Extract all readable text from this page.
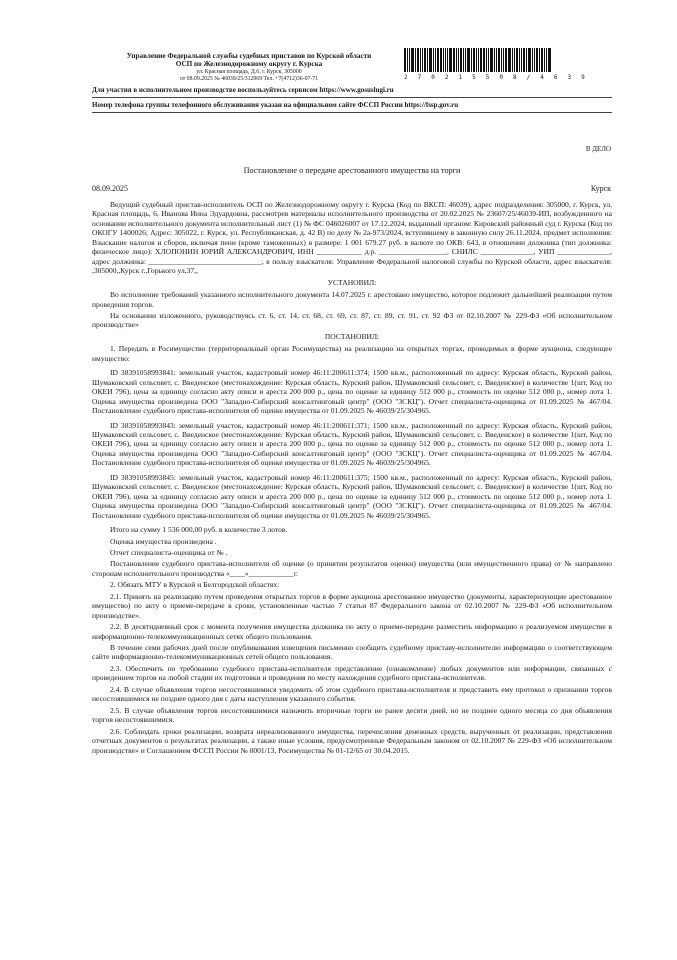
Управление Федеральной службы судебных приставов по Курской области
ОСП по Железнодорожному округу г. Курска
ул. Красная площадь, Д.6, г. Курск, 305000
от 08.09.2025 № 46039/25/312969 Тел. +7(4712)36-07-71	2 7 0 2 1 5 5 0 8 / 4 6 3 9
Для участия в исполнительном производстве воспользуйтесь сервисом https://www.gosuslugi.ru
Номер телефона группы телефонного обслуживания указан на официальном сайте ФССП России https://fssp.gov.ru
В ДЕЛО
Постановление о передаче арестованного имущества на торги
08.09.2025	Курск

Ведущий судебный пристав-исполнитель ОСП по Железнодорожному округу г. Курска (Код по ВКСП: 46039), адрес подразделения: 305000, г. Курск, ул. Красная площадь, 6, Иванова Инна Эдуардовна, рассмотрев материалы исполнительного производства от 20.02.2025 № 23607/25/46039-ИП, возбужденного на основании исполнительного документа исполнительный лист (1) № ФС 046026007 от 17.12.2024, выданный органом: Кировский районный суд г. Курска (Код по ОКОГУ 1400026; Адрес: 305022, г. Курск, ул. Республиканская, д. 42 В) по делу № 2а-973/2024, вступившему в законную силу 26.11.2024, предмет исполнения: Взыскание налогов и сборов, включая пени (кроме таможенных) в размере: 1 001 679.27 руб. в валюте по ОКВ: 643, в отношении должника (тип должника: физическое лицо): ХЛОПОНИН ЮРИЙ АЛЕКСАНДРОВИЧ, ИНН ____________ д.р. __________________, СНИЛС ______________, УИП ______________, адрес должника: ______________________________, в пользу взыскателя: Управление Федеральной налоговой службы по Курской области, адрес взыскателя: ,305000,,Курск г.,Горького ул,37,,

УСТАНОВИЛ:

Во исполнение требований указанного исполнительного документа 14.07.2025 г. арестовано имущество, которое подлежит дальнейшей реализации путем проведения торгов.

На основании изложенного, руководствуясь ст. 6, ст. 14, ст. 68, ст. 69, ст. 87, ст. 89, ст. 91, ст. 92 ФЗ от 02.10.2007 № 229-ФЗ «Об исполнительном производстве»

ПОСТАНОВИЛ:

1. Передать в Росимущество (территориальный орган Росимущества) на реализацию на открытых торгах, проводимых в форме аукциона, следующее имущество:

ID 38391058993841: земельный участок, кадастровый номер 46:11:200611:374; 1500 кв.м., расположенный по адресу: Курская область, Курский район, Шумаковский сельсовет, с. Введенское (местонахождение: Курская область, Курский район, Шумаковский сельсовет, с. Введенское) в количестве 1(шт, Код по ОКЕИ 796), цена за единицу согласно акту описи и ареста 200 000 р., цена по оценке за единицу 512 000 р., стоимость по оценке 512 000 р., номер лота 1. Оценка имущества произведена ООО "Западно-Сибирский консалтинговый центр" (ООО "ЗСКЦ"). Отчет специалиста-оценщика от 01.09.2025 № 467/04. Постановление судебного пристава-исполнителя об оценке имущества от 01.09.2025 № 46039/25/304965.

ID 38391058993843: земельный участок, кадастровый номер 46:11:200611:371; 1500 кв.м., расположенный по адресу: Курская область, Курский район, Шумаковский сельсовет, с. Введенское (местонахождение: Курская область, Курский район, Шумаковский сельсовет, с. Введенское) в количестве 1(шт, Код по ОКЕИ 796), цена за единицу согласно акту описи и ареста 200 000 р., цена по оценке за единицу 512 000 р., стоимость по оценке 512 000 р., номер лота 1. Оценка имущества произведена ООО "Западно-Сибирский консалтинговый центр" (ООО "ЗСКЦ"). Отчет специалиста-оценщика от 01.09.2025 № 467/04. Постановление судебного пристава-исполнителя об оценке имущества от 01.09.2025 № 46039/25/304965.

ID 38391058993845: земельный участок, кадастровый номер 46:11:200611:375; 1500 кв.м., расположенный по адресу: Курская область, Курский район, Шумаковский сельсовет, с. Введенское (местонахождение: Курская область, Курский район, Шумаковский сельсовет, с. Введенское) в количестве 1(шт, Код по ОКЕИ 796), цена за единицу согласно акту описи и ареста 200 000 р., цена по оценке за единицу 512 000 р., стоимость по оценке 512 000 р., номер лота 1. Оценка имущества произведена ООО "Западно-Сибирский консалтинговый центр" (ООО "ЗСКЦ"). Отчет специалиста-оценщика от 01.09.2025 № 467/04. Постановление судебного пристава-исполнителя об оценке имущества от 01.09.2025 № 46039/25/304965.

Итого на сумму 1 536 000,00 руб. в количестве 3 лотов.

Оценка имущества произведена .

Отчет специалиста-оценщика от № .

Постановление судебного пристава-исполнителя об оценке (о принятии результатов оценки) имущества (или имущественного права) от № направлено сторонам исполнительного производства «____»____________г.

2. Обязать МТУ в Курской и Белгородской областях:

2.1. Принять на реализацию путем проведения открытых торгов в форме аукциона арестованное имущество (документы, характеризующие арестованное имущество) по акту о приеме-передаче в сроки, установленные частью 7 статьи 87 Федерального закона от 02.10.2007 № 229-ФЗ «Об исполнительном производстве».

2.2. В десятидневный срок с момента получения имущества должника по акту о приеме-передаче разместить информацию о реализуемом имуществе в информационно-телекоммуникационных сетях общего пользования.

В течение семи рабочих дней после опубликования извещения письменно сообщить судебному приставу-исполнителю информацию о соответствующем сайте информационно-телекоммуникационных сетей общего пользования.

2.3. Обеспечить по требованию судебного пристава-исполнителя представление (ознакомление) любых документов или информации, связанных с проведением торгов на любой стадии их подготовки и проведения по месту нахождения судебного пристава-исполнителя.

2.4. В случае объявления торгов несостоявшимися уведомить об этом судебного пристава-исполнителя и представить ему протокол о признании торгов несостоявшимися не позднее одного дня с даты наступления указанного события.

2.5. В случае объявления торгов несостоявшимися назначить вторичные торги не ранее десяти дней, но не позднее одного месяца со дня объявления торгов несостоявшимися.

2.6. Соблюдать сроки реализации, возврата нереализованного имущества, перечисления денежных средств, вырученных от реализации, представления отчетных документов о результатах реализации, а также иные условия, предусмотренные Федеральным законом от 02.10.2007 № 229-ФЗ «Об исполнительном производстве» и Соглашением ФССП России № 0001/13, Росимущества № 01-12/65 от 30.04.2015.
